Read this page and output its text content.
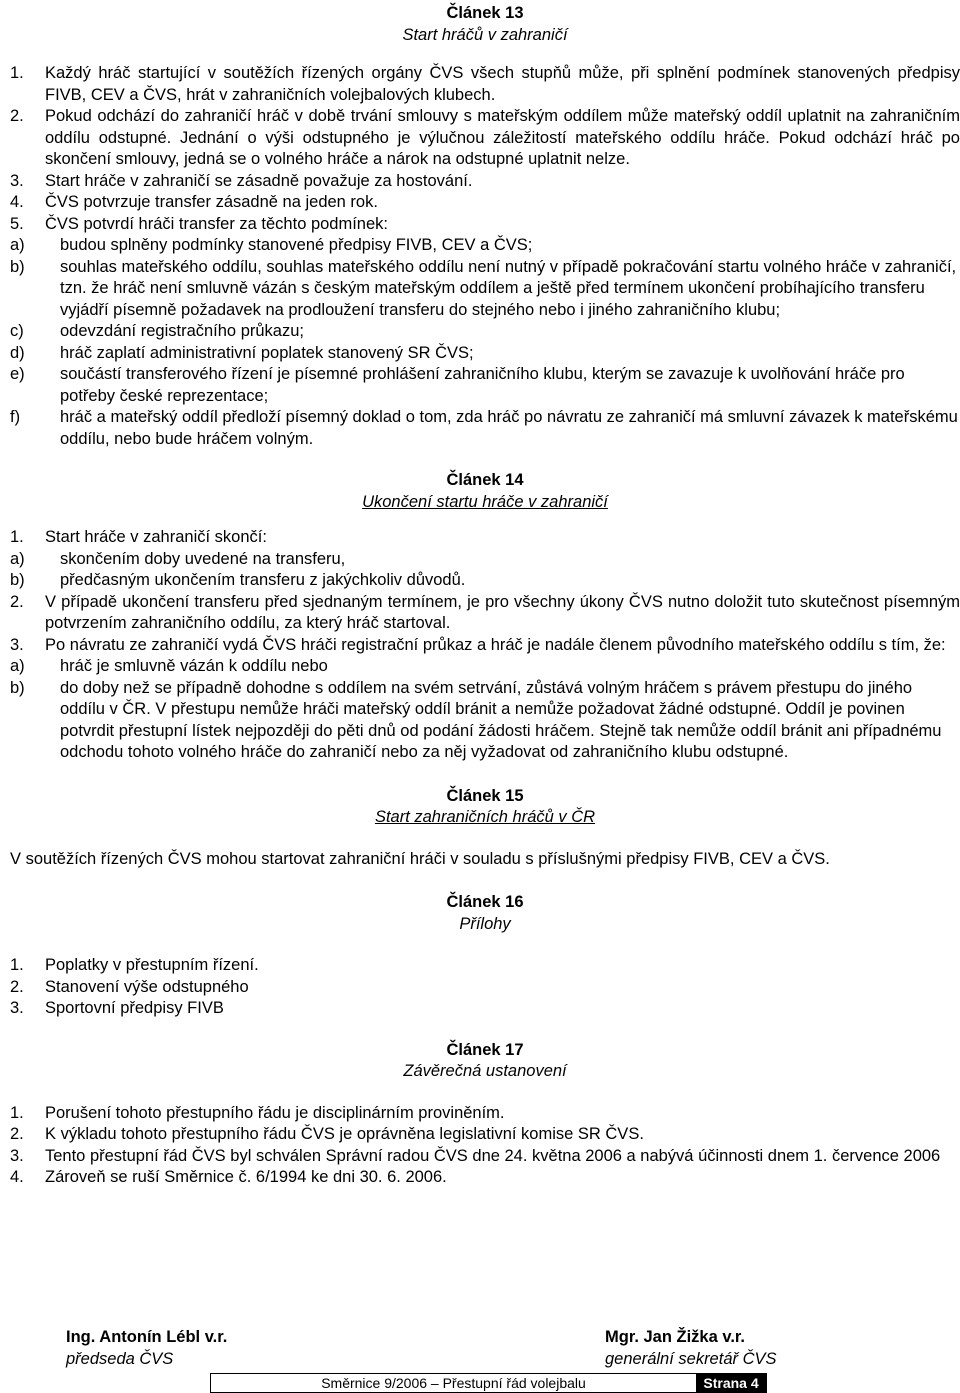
Článek 13
Start hráčů v zahraničí
1. Každý hráč startující v soutěžích řízených orgány ČVS všech stupňů může, při splnění podmínek stanovených předpisy FIVB, CEV a ČVS, hrát v zahraničních volejbalových klubech.
2. Pokud odchází do zahraničí hráč v době trvání smlouvy s mateřským oddílem může mateřský oddíl uplatnit na zahraničním oddílu odstupné. Jednání o výši odstupného je výlučnou záležitostí mateřského oddílu hráče. Pokud odchází hráč po skončení smlouvy, jedná se o volného hráče a nárok na odstupné uplatnit nelze.
3. Start hráče v zahraničí se zásadně považuje za hostování.
4. ČVS potvrzuje transfer zásadně na jeden rok.
5. ČVS potvrdí hráči transfer za těchto podmínek:
a) budou splněny podmínky stanovené předpisy FIVB, CEV a ČVS;
b) souhlas mateřského oddílu, souhlas mateřského oddílu není nutný v případě pokračování startu volného hráče v zahraničí, tzn. že hráč není smluvně vázán s českým mateřským oddílem a ještě před termínem ukončení probíhajícího transferu vyjádří písemně požadavek na prodloužení transferu do stejného nebo i jiného zahraničního klubu;
c) odevzdání registračního průkazu;
d) hráč zaplatí administrativní poplatek stanovený SR ČVS;
e) součástí transferového řízení je písemné prohlášení zahraničního klubu, kterým se zavazuje k uvolňování hráče pro potřeby české reprezentace;
f) hráč a mateřský oddíl předloží písemný doklad o tom, zda hráč po návratu ze zahraničí má smluvní závazek k mateřskému oddílu, nebo bude hráčem volným.
Článek 14
Ukončení startu hráče v zahraničí
1. Start hráče v zahraničí skončí:
a) skončením doby uvedené na transferu,
b) předčasným ukončením transferu z jakýchkoliv důvodů.
2. V případě ukončení transferu před sjednaným termínem, je pro všechny úkony ČVS nutno doložit tuto skutečnost písemným potvrzením zahraničního oddílu, za který hráč startoval.
3. Po návratu ze zahraničí vydá ČVS hráči registrační průkaz a hráč je nadále členem původního mateřského oddílu s tím, že:
a) hráč je smluvně vázán k oddílu nebo
b) do doby než se případně dohodne s oddílem na svém setrvání, zůstává volným hráčem s právem přestupu do jiného oddílu v ČR. V přestupu nemůže hráči mateřský oddíl bránit a nemůže požadovat žádné odstupné. Oddíl je povinen potvrdit přestupní lístek nejpozději do pěti dnů od podání žádosti hráčem. Stejně tak nemůže oddíl bránit ani případnému odchodu tohoto volného hráče do zahraničí nebo za něj vyžadovat od zahraničního klubu odstupné.
Článek 15
Start zahraničních hráčů v ČR
V soutěžích řízených ČVS mohou startovat zahraniční hráči v souladu s příslušnými předpisy FIVB, CEV a ČVS.
Článek 16
Přílohy
1. Poplatky v přestupním řízení.
2. Stanovení výše odstupného
3. Sportovní předpisy FIVB
Článek 17
Závěrečná ustanovení
1. Porušení tohoto přestupního řádu je disciplinárním proviněním.
2. K výkladu tohoto přestupního řádu ČVS je oprávněna legislativní komise SR ČVS.
3. Tento přestupní řád ČVS byl schválen Správní radou ČVS dne 24. května 2006 a nabývá účinnosti dnem 1. července 2006
4. Zároveň se ruší Směrnice č. 6/1994 ke dni 30. 6. 2006.
Ing. Antonín Lébl v.r.
předseda ČVS
Mgr. Jan Žižka v.r.
generální sekretář ČVS
Směrnice 9/2006 – Přestupní řád volejbalu	Strana 4
